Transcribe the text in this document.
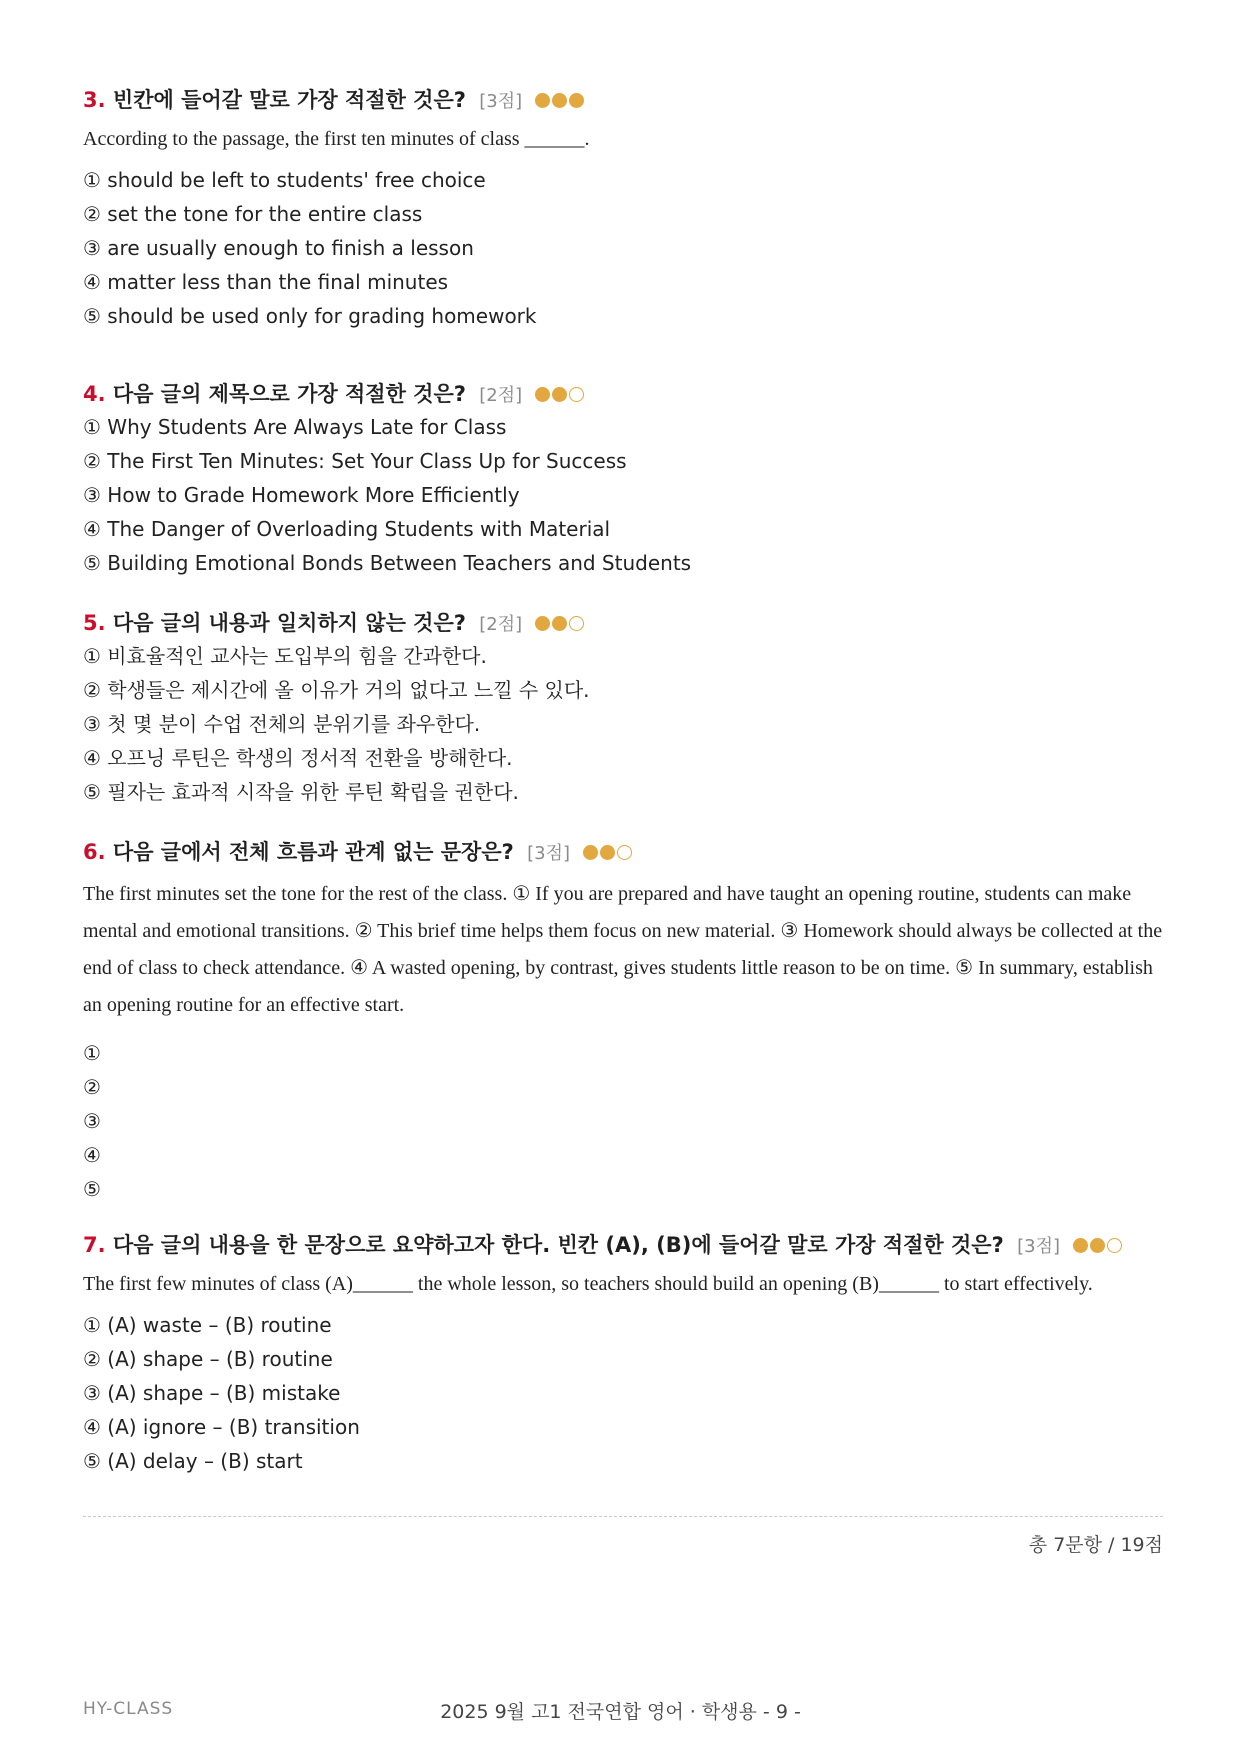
3. 빈칸에 들어갈 말로 가장 적절한 것은? [3점]
According to the passage, the first ten minutes of class ______.
① should be left to students' free choice
② set the tone for the entire class
③ are usually enough to finish a lesson
④ matter less than the final minutes
⑤ should be used only for grading homework
4. 다음 글의 제목으로 가장 적절한 것은? [2점]
① Why Students Are Always Late for Class
② The First Ten Minutes: Set Your Class Up for Success
③ How to Grade Homework More Efficiently
④ The Danger of Overloading Students with Material
⑤ Building Emotional Bonds Between Teachers and Students
5. 다음 글의 내용과 일치하지 않는 것은? [2점]
① 비효율적인 교사는 도입부의 힘을 간과한다.
② 학생들은 제시간에 올 이유가 거의 없다고 느낄 수 있다.
③ 첫 몇 분이 수업 전체의 분위기를 좌우한다.
④ 오프닝 루틴은 학생의 정서적 전환을 방해한다.
⑤ 필자는 효과적 시작을 위한 루틴 확립을 권한다.
6. 다음 글에서 전체 흐름과 관계 없는 문장은? [3점]
The first minutes set the tone for the rest of the class. ① If you are prepared and have taught an opening routine, students can make mental and emotional transitions. ② This brief time helps them focus on new material. ③ Homework should always be collected at the end of class to check attendance. ④ A wasted opening, by contrast, gives students little reason to be on time. ⑤ In summary, establish an opening routine for an effective start.
①
②
③
④
⑤
7. 다음 글의 내용을 한 문장으로 요약하고자 한다. 빈칸 (A), (B)에 들어갈 말로 가장 적절한 것은? [3점]
The first few minutes of class (A)______ the whole lesson, so teachers should build an opening (B)______ to start effectively.
① (A) waste – (B) routine
② (A) shape – (B) routine
③ (A) shape – (B) mistake
④ (A) ignore – (B) transition
⑤ (A) delay – (B) start
총 7문항 / 19점
HY-CLASS	2025 9월 고1 전국연합 영어 · 학생용 - 9 -
